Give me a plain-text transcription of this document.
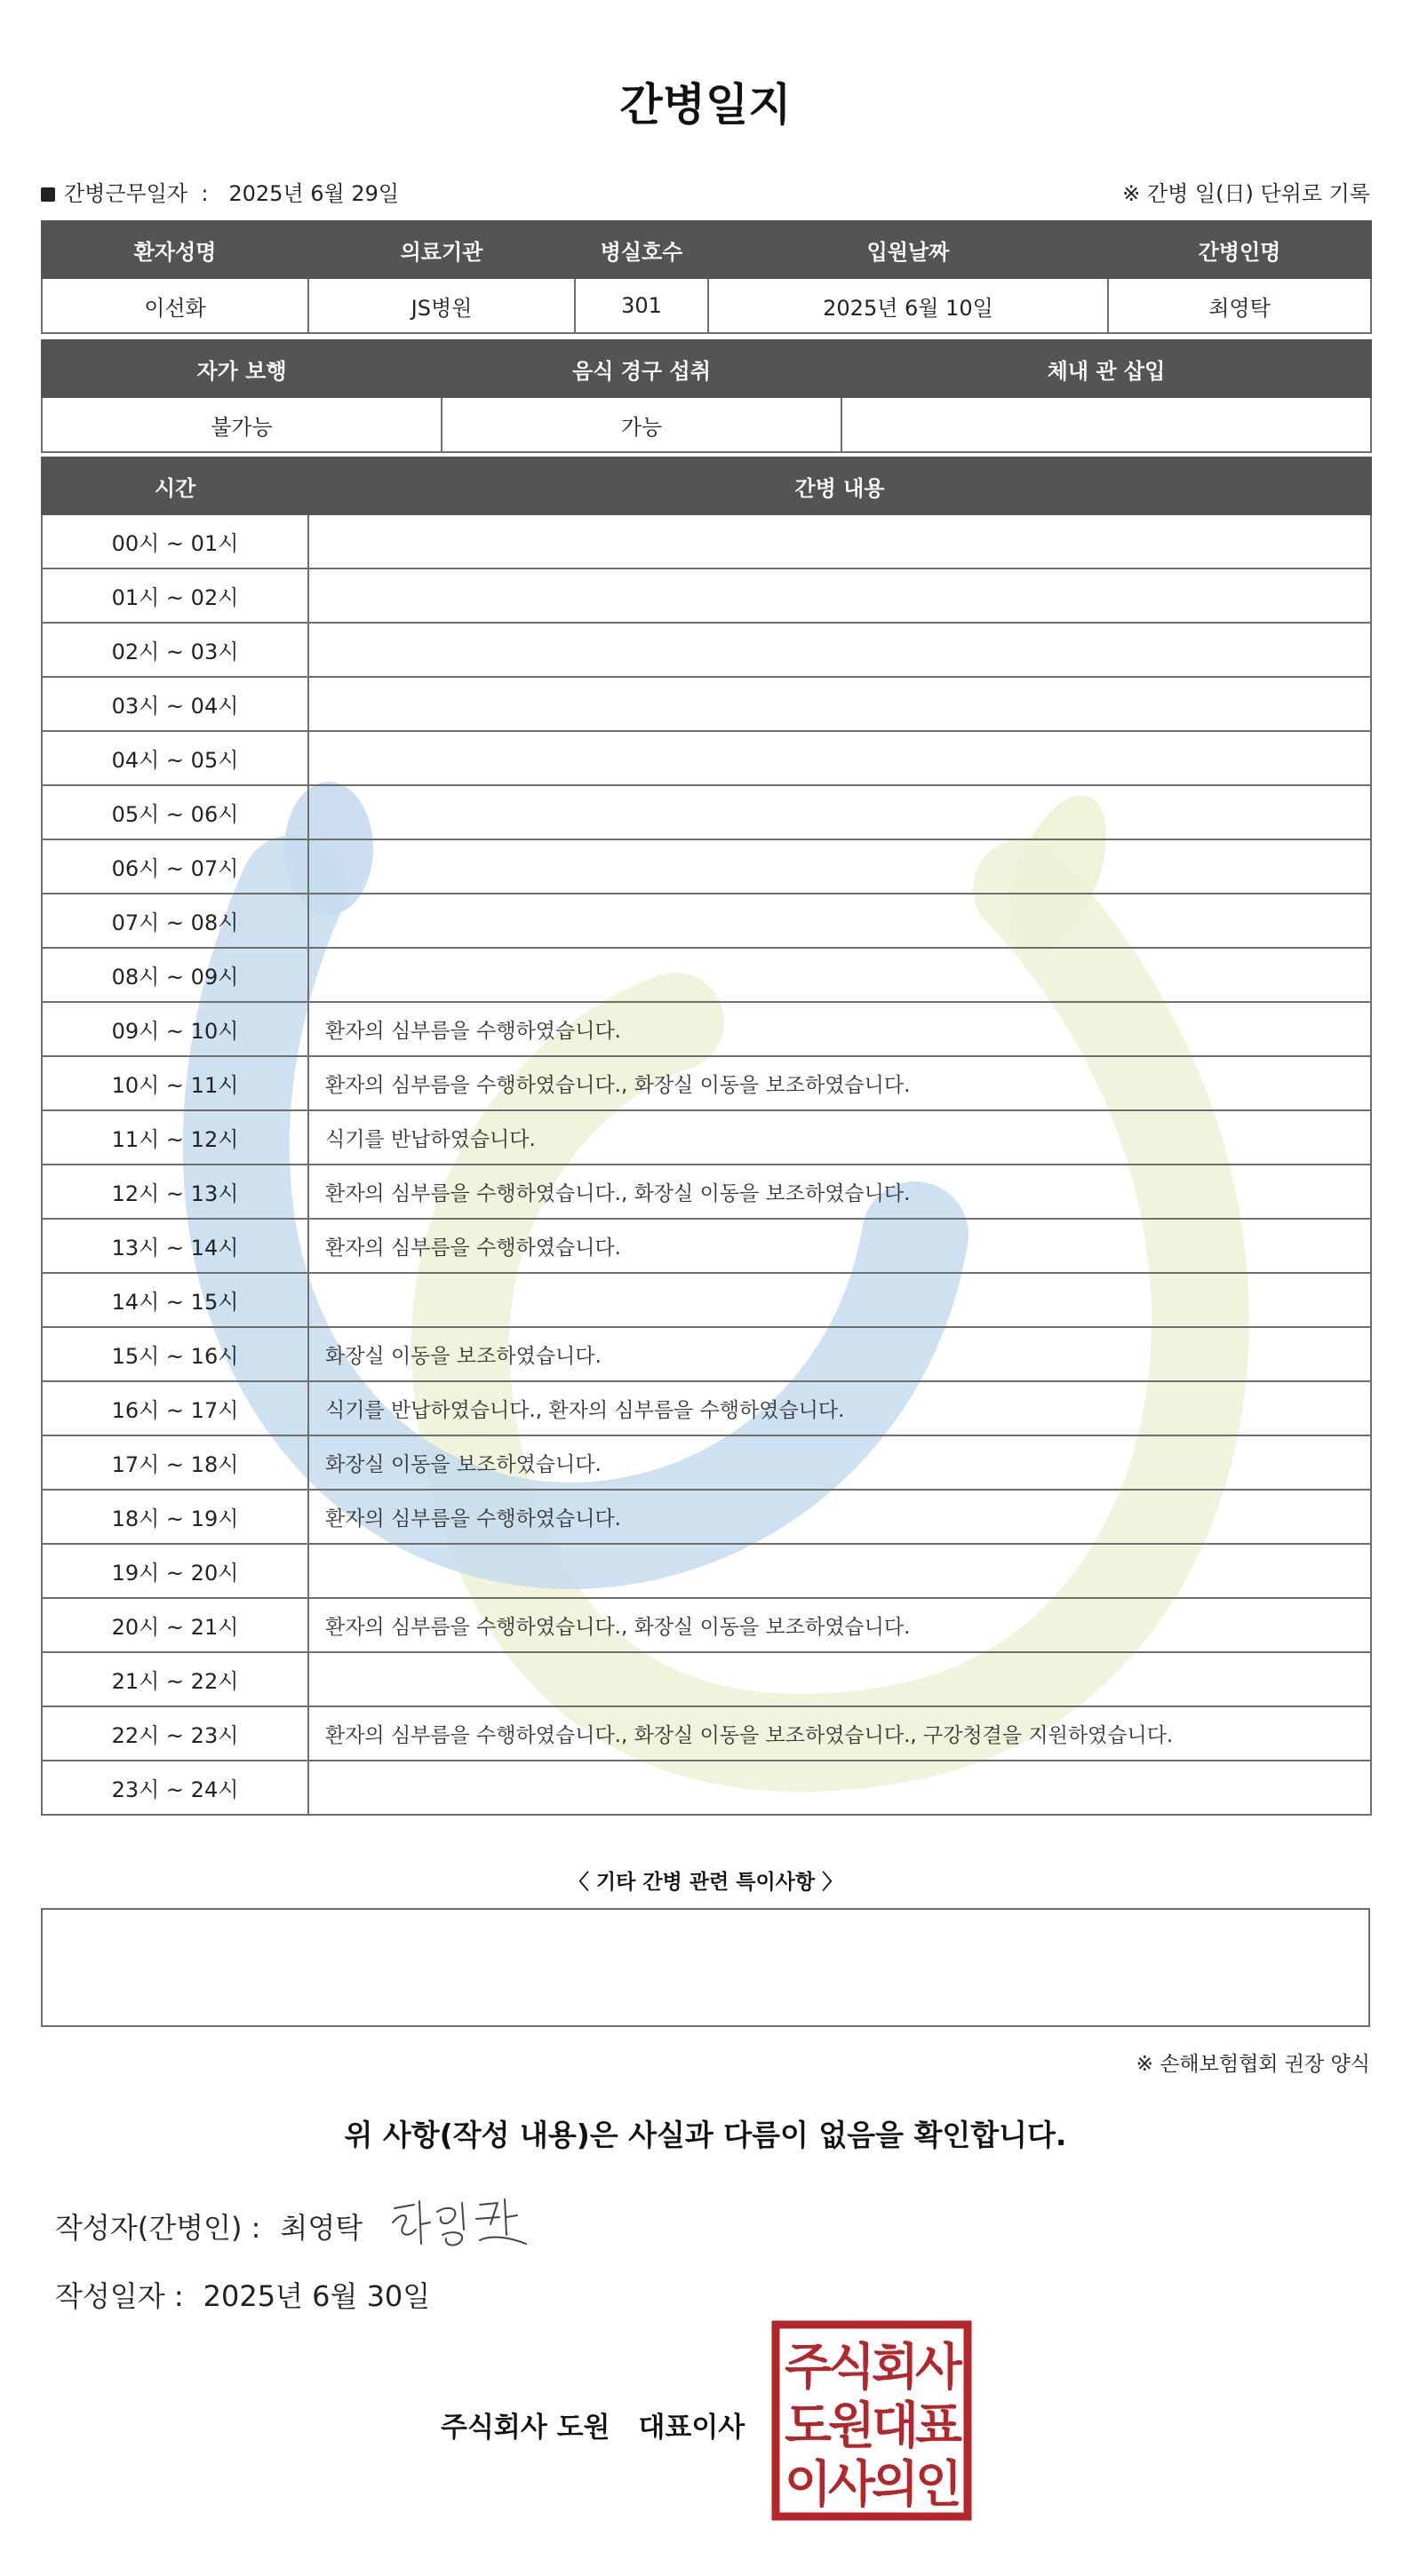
간병일지
간병근무일자 : 2025년 6월 29일	※ 간병 일(日) 단위로 기록
환자성명	의료기관	병실호수	입원날짜	간병인명
이선화	JS병원	301	2025년 6월 10일	최영탁
자가 보행	음식 경구 섭취	체내 관 삽입
불가능	가능	
시간	간병 내용
00시 ~ 01시	
01시 ~ 02시	
02시 ~ 03시	
03시 ~ 04시	
04시 ~ 05시	
05시 ~ 06시	
06시 ~ 07시	
07시 ~ 08시	
08시 ~ 09시	
09시 ~ 10시	환자의 심부름을 수행하였습니다.
10시 ~ 11시	환자의 심부름을 수행하였습니다., 화장실 이동을 보조하였습니다.
11시 ~ 12시	식기를 반납하였습니다.
12시 ~ 13시	환자의 심부름을 수행하였습니다., 화장실 이동을 보조하였습니다.
13시 ~ 14시	환자의 심부름을 수행하였습니다.
14시 ~ 15시	
15시 ~ 16시	화장실 이동을 보조하였습니다.
16시 ~ 17시	식기를 반납하였습니다., 환자의 심부름을 수행하였습니다.
17시 ~ 18시	화장실 이동을 보조하였습니다.
18시 ~ 19시	환자의 심부름을 수행하였습니다.
19시 ~ 20시	
20시 ~ 21시	환자의 심부름을 수행하였습니다., 화장실 이동을 보조하였습니다.
21시 ~ 22시	
22시 ~ 23시	환자의 심부름을 수행하였습니다., 화장실 이동을 보조하였습니다., 구강청결을 지원하였습니다.
23시 ~ 24시	
〈 기타 간병 관련 특이사항 〉
※ 손해보험협회 권장 양식
위 사항(작성 내용)은 사실과 다름이 없음을 확인합니다.
작성자(간병인) : 최영탁
작성일자 : 2025년 6월 30일
주식회사 도원 대표이사
주식회사
도원대표
이사의인
